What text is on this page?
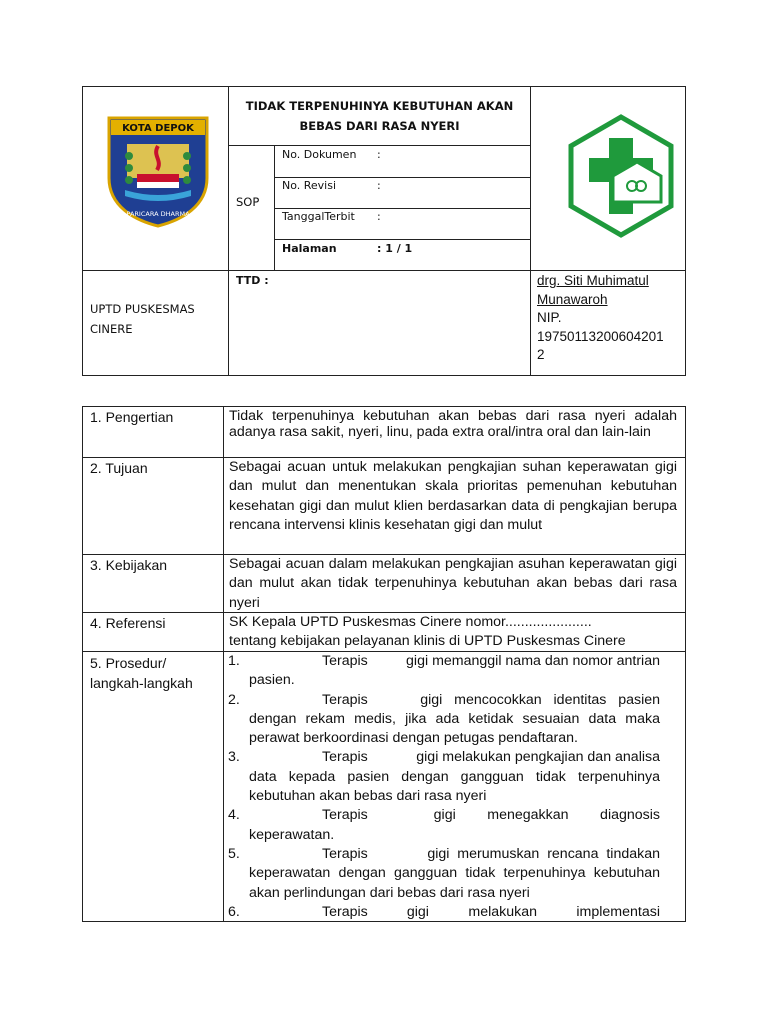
KOTA DEPOK
PARICARA DHARMA
TIDAK TERPENUHINYA KEBUTUHAN AKAN
BEBAS DARI RASA NYERI
SOP
No. Dokumen :
No. Revisi	:
TanggalTerbit :
Halaman	: 1 / 1
UPTD PUSKESMAS
CINERE
TTD :	drg. Siti Muhimatul
Munawaroh
NIP.
19750113200604201
2
1. Pengertian	Tidak terpenuhinya kebutuhan akan bebas dari rasa nyeri adalah adanya rasa sakit, nyeri, linu, pada extra oral/intra oral dan lain-lain
2. Tujuan	Sebagai acuan untuk melakukan pengkajian suhan keperawatan gigi dan mulut dan menentukan skala prioritas pemenuhan kebutuhan kesehatan gigi dan mulut klien berdasarkan data di pengkajian berupa rencana intervensi klinis kesehatan gigi dan mulut
3. Kebijakan	Sebagai acuan dalam melakukan pengkajian asuhan keperawatan gigi dan mulut akan tidak terpenuhinya kebutuhan akan bebas dari rasa nyeri
4. Referensi	SK Kepala UPTD Puskesmas Cinere nomor......................
tentang kebijakan pelayanan klinis di UPTD Puskesmas Cinere
5. Prosedur/
langkah-langkah
1.	Terapis	gigi memanggil nama dan nomor antrian
pasien.
2.	Terapis	gigi   mencocokkan   identitas   pasien
dengan rekam medis, jika ada ketidak sesuaian data maka perawat berkoordinasi dengan petugas pendaftaran.
3.	Terapis	gigi melakukan pengkajian dan analisa
data kepada pasien dengan gangguan tidak terpenuhinya kebutuhan akan bebas dari rasa nyeri
4.	Terapis	gigi        menegakkan        diagnosis
keperawatan.
5.	Terapis	gigi  merumuskan  rencana  tindakan
keperawatan dengan gangguan tidak terpenuhinya kebutuhan akan perlindungan dari bebas dari rasa nyeri
6.	Terapis	gigi          melakukan          implementasi
